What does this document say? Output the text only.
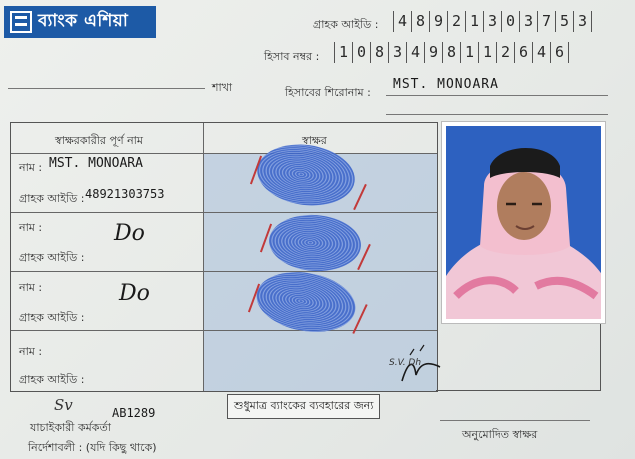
ব্যাংক এশিয়া	গ্রাহক আইডি :	4 8 9 2 1 3 0 3 7 5 3
হিসাব নম্বর :	1 0 8 3 4 9 8 1 1 2 6 4 6
শাখা	হিসাবের শিরোনাম :
MST. MONOARA
স্বাক্ষরকারীর পূর্ণ নাম	স্বাক্ষর
নাম : MST. MONOARA
গ্রাহক আইডি : 4892130375З
নাম :	Do
গ্রাহক আইডি :
নাম :	Do
গ্রাহক আইডি :
নাম :
গ্রাহক আইডি :
Sv	AB1289
যাচাইকারী কর্মকর্তা
শুধুমাত্র ব্যাংকের ব্যবহারের জন্য
অনুমোদিত স্বাক্ষর
নির্দেশাবলী : (যদি কিছু থাকে)
S.V. Dh
